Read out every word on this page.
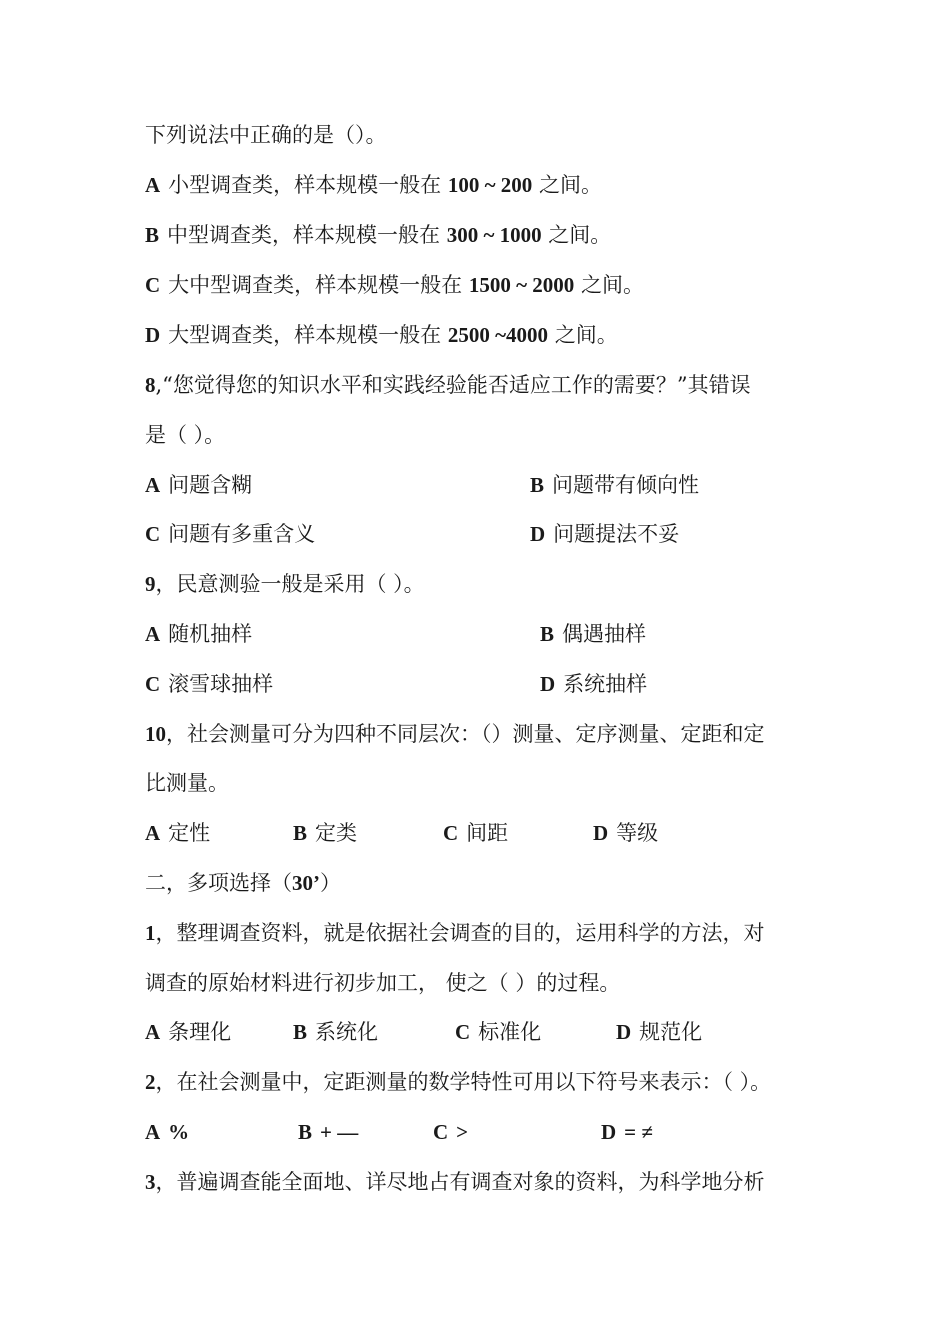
下列说法中正确的是（）。
A 小型调查类，样本规模一般在 100 ~ 200 之间。
B 中型调查类，样本规模一般在 300 ~ 1000 之间。
C 大中型调查类，样本规模一般在 1500 ~ 2000 之间。
D 大型调查类，样本规模一般在 2500 ~4000 之间。
8,“您觉得您的知识水平和实践经验能否适应工作的需要？”其错误
是（ ）。
A 问题含糊	B 问题带有倾向性
C 问题有多重含义	D 问题提法不妥
9，民意测验一般是采用（ ）。
A 随机抽样	B 偶遇抽样
C 滚雪球抽样	D 系统抽样
10，社会测量可分为四种不同层次：（）测量、定序测量、定距和定
比测量。
A 定性	B 定类	C 间距	D 等级
二，多项选择（30’）
1，整理调查资料，就是依据社会调查的目的，运用科学的方法，对
调查的原始材料进行初步加工， 使之（ ）的过程。
A 条理化	B 系统化	C 标准化	D 规范化
2，在社会测量中，定距测量的数学特性可用以下符号来表示：（ ）。
A %	B + —	C >	D = ≠
3，普遍调查能全面地、详尽地占有调查对象的资料，为科学地分析
